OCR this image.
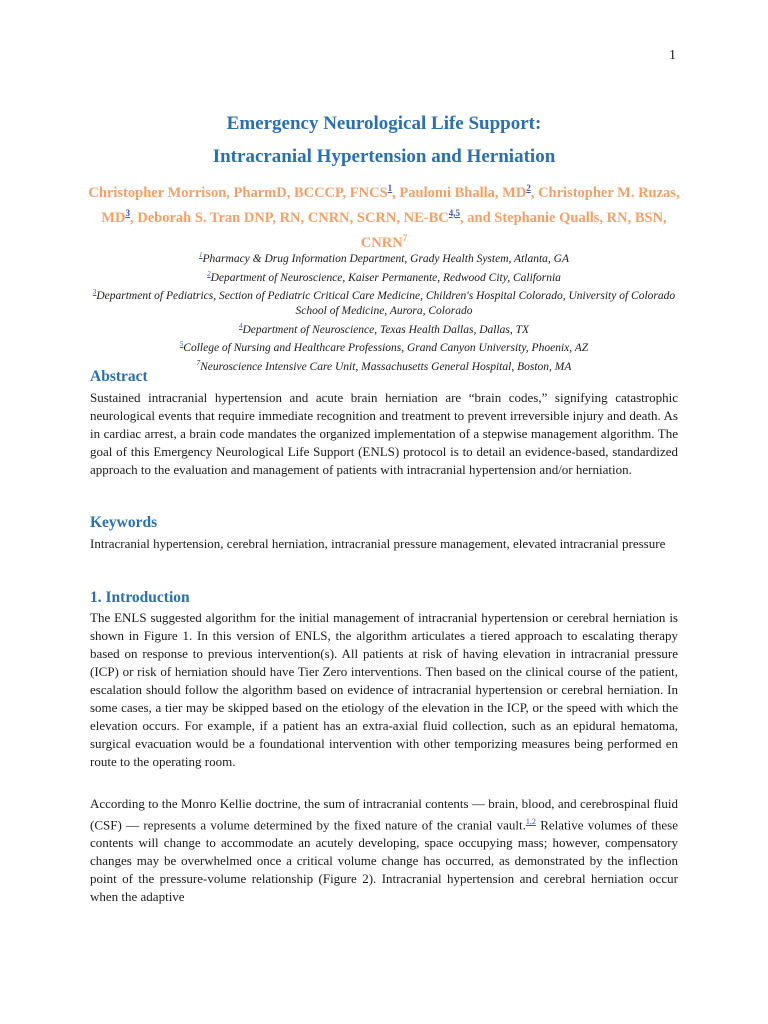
1
Emergency Neurological Life Support:
Intracranial Hypertension and Herniation
Christopher Morrison, PharmD, BCCCP, FNCS$^1$, Paulomi Bhalla, $MD^2$, Christopher M. Ruzas, $MD^3$, Deborah S. Tran DNP, RN, CNRN, SCRN, NE-BC$^{4,5}$, and Stephanie Qualls, RN, BSN, CNRN$^7$
$^1$Pharmacy & Drug Information Department, Grady Health System, Atlanta, GA
$^2$Department of Neuroscience, Kaiser Permanente, Redwood City, California
$^3$Department of Pediatrics, Section of Pediatric Critical Care Medicine, Children's Hospital Colorado, University of Colorado School of Medicine, Aurora, Colorado
$^4$Department of Neuroscience, Texas Health Dallas, Dallas, TX
$^5$College of Nursing and Healthcare Professions, Grand Canyon University, Phoenix, AZ
$^7$Neuroscience Intensive Care Unit, Massachusetts General Hospital, Boston, MA
Abstract
Sustained intracranial hypertension and acute brain herniation are “brain codes,” signifying catastrophic neurological events that require immediate recognition and treatment to prevent irreversible injury and death. As in cardiac arrest, a brain code mandates the organized implementation of a stepwise management algorithm. The goal of this Emergency Neurological Life Support (ENLS) protocol is to detail an evidence-based, standardized approach to the evaluation and management of patients with intracranial hypertension and/or herniation.
Keywords
Intracranial hypertension, cerebral herniation, intracranial pressure management, elevated intracranial pressure
1. Introduction
The ENLS suggested algorithm for the initial management of intracranial hypertension or cerebral herniation is shown in Figure 1. In this version of ENLS, the algorithm articulates a tiered approach to escalating therapy based on response to previous intervention(s). All patients at risk of having elevation in intracranial pressure (ICP) or risk of herniation should have Tier Zero interventions. Then based on the clinical course of the patient, escalation should follow the algorithm based on evidence of intracranial hypertension or cerebral herniation. In some cases, a tier may be skipped based on the etiology of the elevation in the ICP, or the speed with which the elevation occurs. For example, if a patient has an extra-axial fluid collection, such as an epidural hematoma, surgical evacuation would be a foundational intervention with other temporizing measures being performed en route to the operating room.
According to the Monro Kellie doctrine, the sum of intracranial contents — brain, blood, and cerebrospinal fluid (CSF) — represents a volume determined by the fixed nature of the cranial vault.$^{1,2}$ Relative volumes of these contents will change to accommodate an acutely developing, space occupying mass; however, compensatory changes may be overwhelmed once a critical volume change has occurred, as demonstrated by the inflection point of the pressure-volume relationship (Figure 2). Intracranial hypertension and cerebral herniation occur when the adaptive
